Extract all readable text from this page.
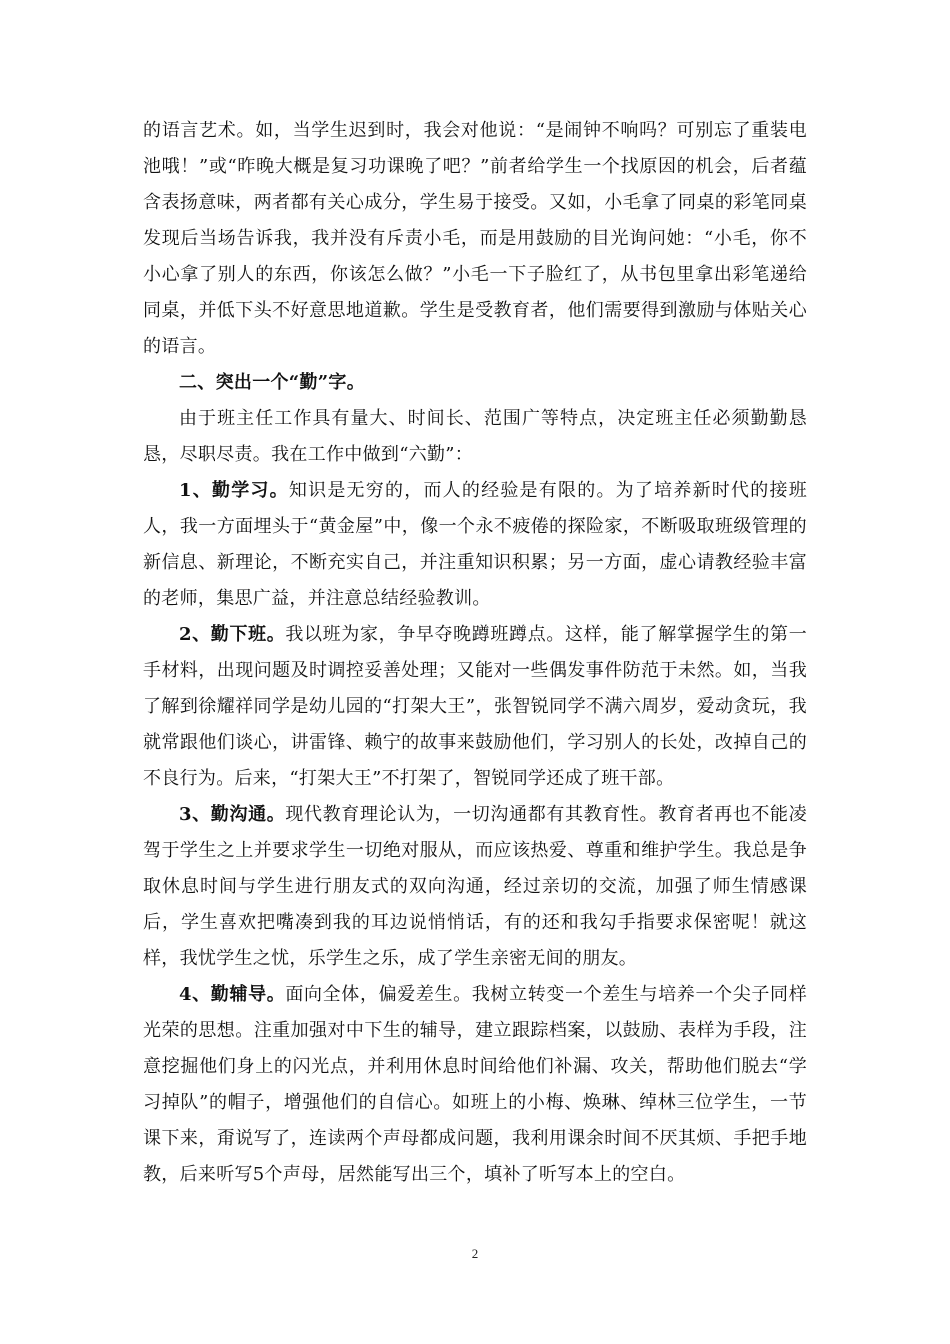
的语言艺术。如，当学生迟到时，我会对他说：“是闹钟不响吗？可别忘了重装电池哦！”或“昨晚大概是复习功课晚了吧？”前者给学生一个找原因的机会，后者蕴含表扬意味，两者都有关心成分，学生易于接受。又如，小毛拿了同桌的彩笔同桌发现后当场告诉我，我并没有斥责小毛，而是用鼓励的目光询问她：“小毛，你不小心拿了别人的东西，你该怎么做？”小毛一下子脸红了，从书包里拿出彩笔递给同桌，并低下头不好意思地道歉。学生是受教育者，他们需要得到激励与体贴关心的语言。

二、突出一个“勤”字。

由于班主任工作具有量大、时间长、范围广等特点，决定班主任必须勤勤恳恳，尽职尽责。我在工作中做到“六勤”：

1、勤学习。知识是无穷的，而人的经验是有限的。为了培养新时代的接班人，我一方面埋头于“黄金屋”中，像一个永不疲倦的探险家，不断吸取班级管理的新信息、新理论，不断充实自己，并注重知识积累；另一方面，虚心请教经验丰富的老师，集思广益，并注意总结经验教训。

2、勤下班。我以班为家，争早夺晚蹲班蹲点。这样，能了解掌握学生的第一手材料，出现问题及时调控妥善处理；又能对一些偶发事件防范于未然。如，当我了解到徐耀祥同学是幼儿园的“打架大王”，张智锐同学不满六周岁，爱动贪玩，我就常跟他们谈心，讲雷锋、赖宁的故事来鼓励他们，学习别人的长处，改掉自己的不良行为。后来，“打架大王”不打架了，智锐同学还成了班干部。

3、勤沟通。现代教育理论认为，一切沟通都有其教育性。教育者再也不能凌驾于学生之上并要求学生一切绝对服从，而应该热爱、尊重和维护学生。我总是争取休息时间与学生进行朋友式的双向沟通，经过亲切的交流，加强了师生情感课后，学生喜欢把嘴凑到我的耳边说悄悄话，有的还和我勾手指要求保密呢！就这样，我忧学生之忧，乐学生之乐，成了学生亲密无间的朋友。

4、勤辅导。面向全体，偏爱差生。我树立转变一个差生与培养一个尖子同样光荣的思想。注重加强对中下生的辅导，建立跟踪档案，以鼓励、表样为手段，注意挖掘他们身上的闪光点，并利用休息时间给他们补漏、攻关，帮助他们脱去“学习掉队”的帽子，增强他们的自信心。如班上的小梅、焕琳、绰林三位学生，一节课下来，甭说写了，连读两个声母都成问题，我利用课余时间不厌其烦、手把手地教，后来听写5个声母，居然能写出三个，填补了听写本上的空白。

2
